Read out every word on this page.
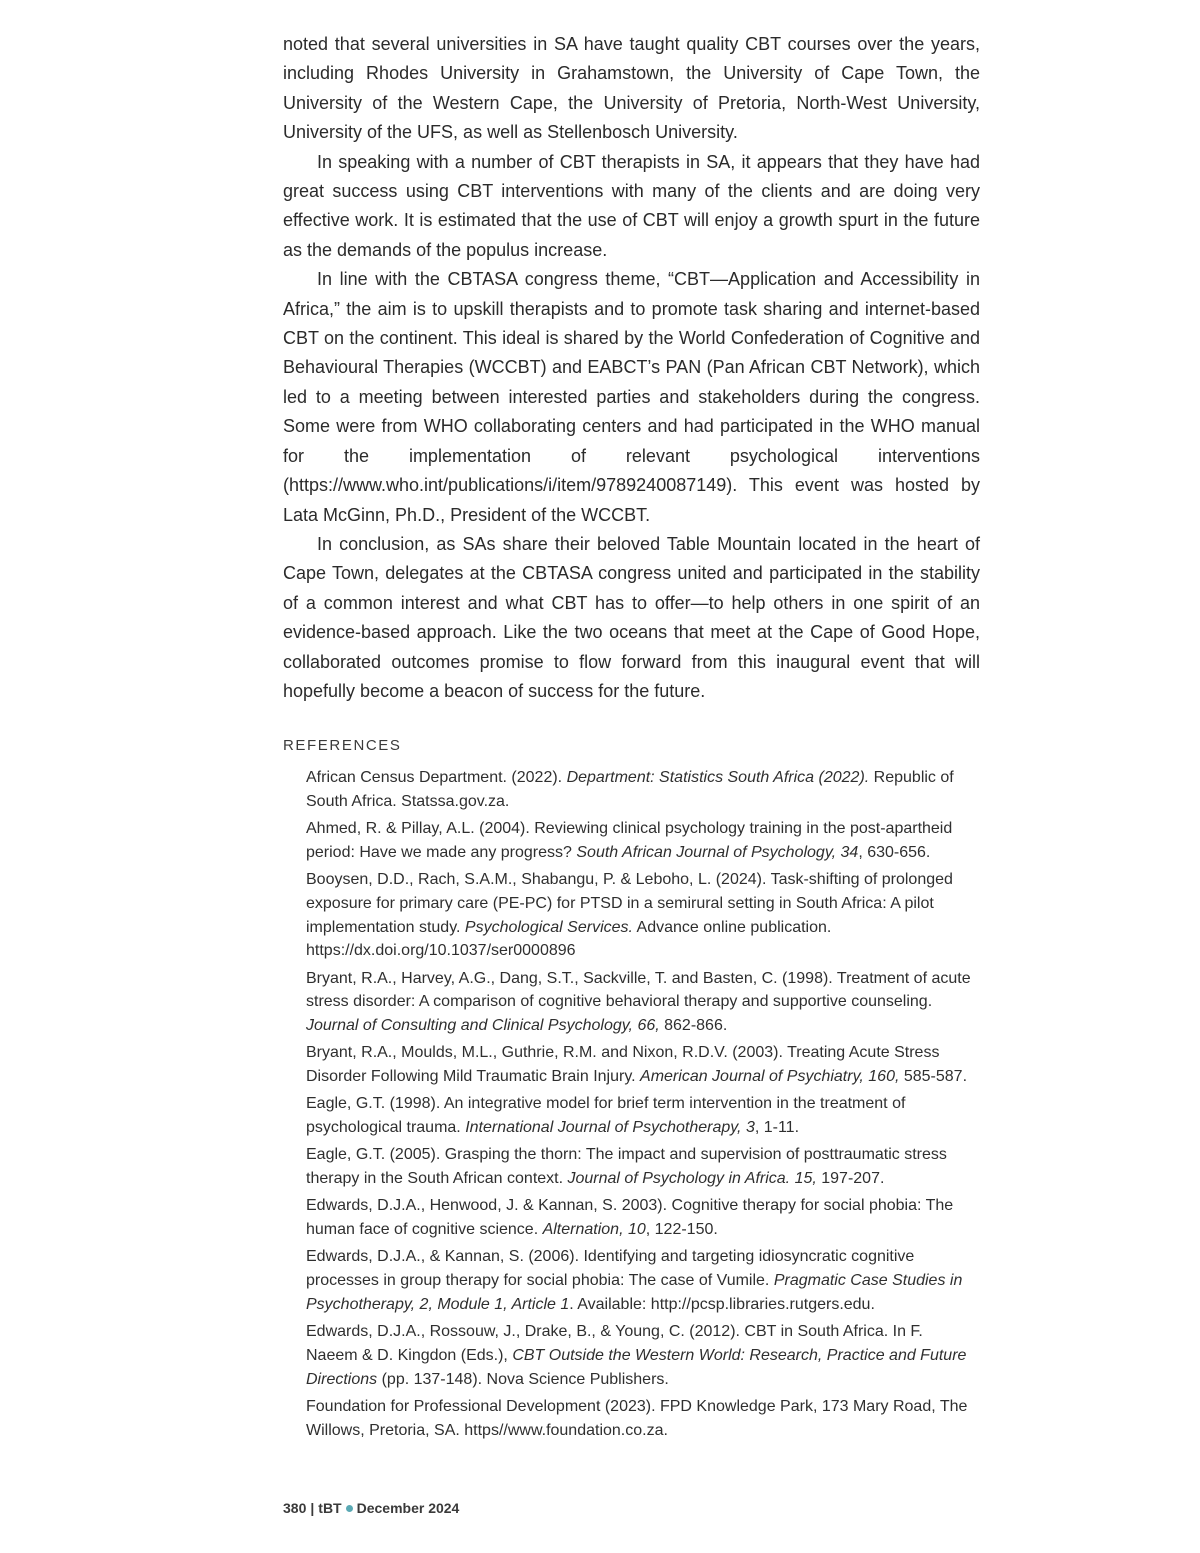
noted that several universities in SA have taught quality CBT courses over the years, including Rhodes University in Grahamstown, the University of Cape Town, the University of the Western Cape, the University of Pretoria, North-West University, University of the UFS, as well as Stellenbosch University.

In speaking with a number of CBT therapists in SA, it appears that they have had great success using CBT interventions with many of the clients and are doing very effective work. It is estimated that the use of CBT will enjoy a growth spurt in the future as the demands of the populus increase.

In line with the CBTASA congress theme, “CBT—Application and Accessibility in Africa,” the aim is to upskill therapists and to promote task sharing and internet-based CBT on the continent. This ideal is shared by the World Confederation of Cognitive and Behavioural Therapies (WCCBT) and EABCT’s PAN (Pan African CBT Network), which led to a meeting between interested parties and stakeholders during the congress. Some were from WHO collaborating centers and had participated in the WHO manual for the implementation of relevant psychological interventions (https://www.who.int/publications/i/item/9789240087149). This event was hosted by Lata McGinn, Ph.D., President of the WCCBT.

In conclusion, as SAs share their beloved Table Mountain located in the heart of Cape Town, delegates at the CBTASA congress united and participated in the stability of a common interest and what CBT has to offer—to help others in one spirit of an evidence-based approach. Like the two oceans that meet at the Cape of Good Hope, collaborated outcomes promise to flow forward from this inaugural event that will hopefully become a beacon of success for the future.

REFERENCES
African Census Department. (2022). Department: Statistics South Africa (2022). Republic of South Africa. Statssa.gov.za.
Ahmed, R. & Pillay, A.L. (2004). Reviewing clinical psychology training in the post-apartheid period: Have we made any progress? South African Journal of Psychology, 34, 630-656.
Booysen, D.D., Rach, S.A.M., Shabangu, P. & Leboho, L. (2024). Task-shifting of prolonged exposure for primary care (PE-PC) for PTSD in a semirural setting in South Africa: A pilot implementation study. Psychological Services. Advance online publication. https://dx.doi.org/10.1037/ser0000896
Bryant, R.A., Harvey, A.G., Dang, S.T., Sackville, T. and Basten, C. (1998). Treatment of acute stress disorder: A comparison of cognitive behavioral therapy and supportive counseling. Journal of Consulting and Clinical Psychology, 66, 862-866.
Bryant, R.A., Moulds, M.L., Guthrie, R.M. and Nixon, R.D.V. (2003). Treating Acute Stress Disorder Following Mild Traumatic Brain Injury. American Journal of Psychiatry, 160, 585-587.
Eagle, G.T. (1998). An integrative model for brief term intervention in the treatment of psychological trauma. International Journal of Psychotherapy, 3, 1-11.
Eagle, G.T. (2005). Grasping the thorn: The impact and supervision of posttraumatic stress therapy in the South African context. Journal of Psychology in Africa. 15, 197-207.
Edwards, D.J.A., Henwood, J. & Kannan, S. 2003). Cognitive therapy for social phobia: The human face of cognitive science. Alternation, 10, 122-150.
Edwards, D.J.A., & Kannan, S. (2006). Identifying and targeting idiosyncratic cognitive processes in group therapy for social phobia: The case of Vumile. Pragmatic Case Studies in Psychotherapy, 2, Module 1, Article 1. Available: http://pcsp.libraries.rutgers.edu.
Edwards, D.J.A., Rossouw, J., Drake, B., & Young, C. (2012). CBT in South Africa. In F. Naeem & D. Kingdon (Eds.), CBT Outside the Western World: Research, Practice and Future Directions (pp. 137-148). Nova Science Publishers.
Foundation for Professional Development (2023). FPD Knowledge Park, 173 Mary Road, The Willows, Pretoria, SA. https//www.foundation.co.za.
380 | tBT December 2024
